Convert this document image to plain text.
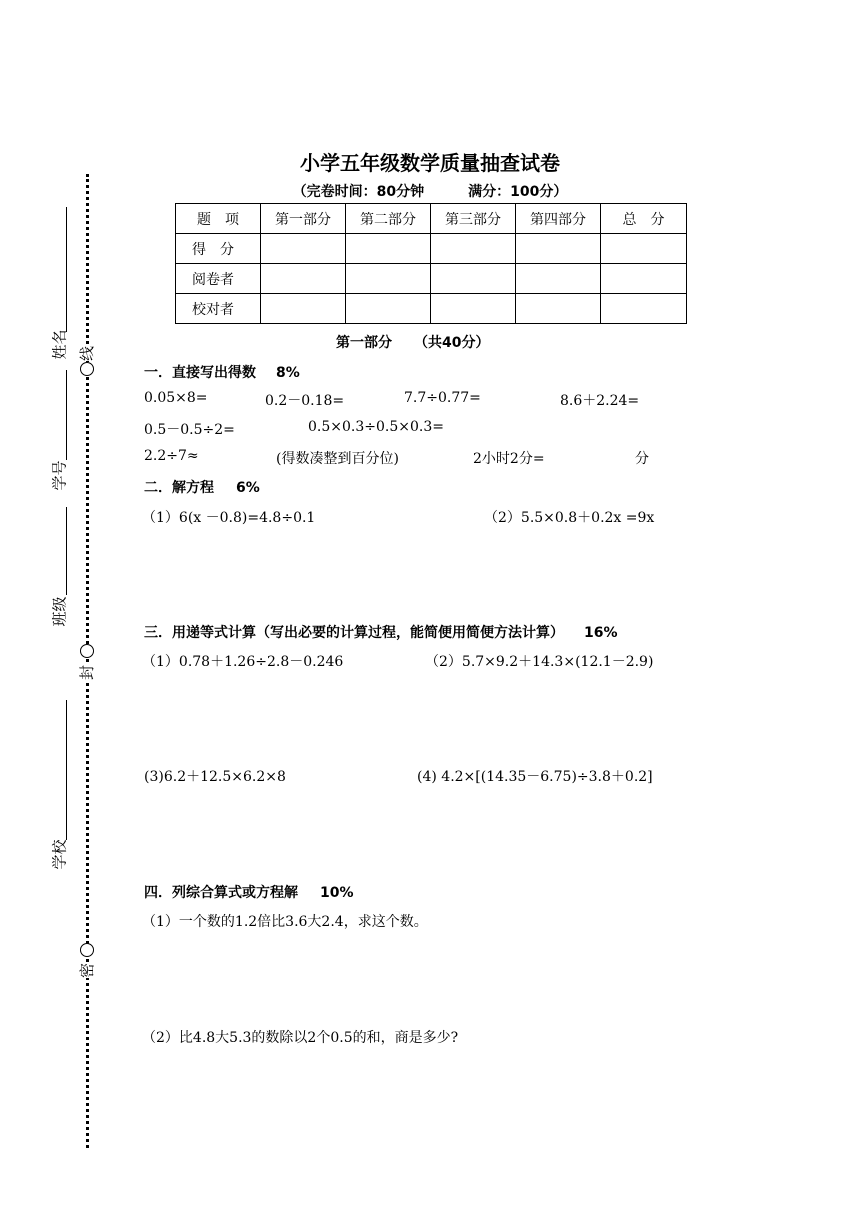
线
封
密
姓名
学号
班级
学校
小学五年级数学质量抽查试卷
（完卷时间：80分钟	满分：100分）
题　项	第一部分	第二部分	第三部分	第四部分	总　分
得　分					
阅卷者					
校对者					
第一部分 （共40分）
一．直接写出得数 8%
0.05×8=	0.2－0.18=	7.7÷0.77=	8.6＋2.24=
0.5－0.5÷2=	0.5×0.3÷0.5×0.3=
2.2÷7≈	(得数凑整到百分位)	2小时2分=	分
二．解方程 6%
（1）6(x －0.8)=4.8÷0.1	（2）5.5×0.8＋0.2x =9x
三．用递等式计算（写出必要的计算过程，能简便用简便方法计算） 16%
（1）0.78＋1.26÷2.8－0.246	（2）5.7×9.2＋14.3×(12.1－2.9)
(3)6.2＋12.5×6.2×8	(4) 4.2×[(14.35－6.75)÷3.8＋0.2]
四．列综合算式或方程解 10%
（1）一个数的1.2倍比3.6大2.4，求这个数。
（2）比4.8大5.3的数除以2个0.5的和，商是多少?
